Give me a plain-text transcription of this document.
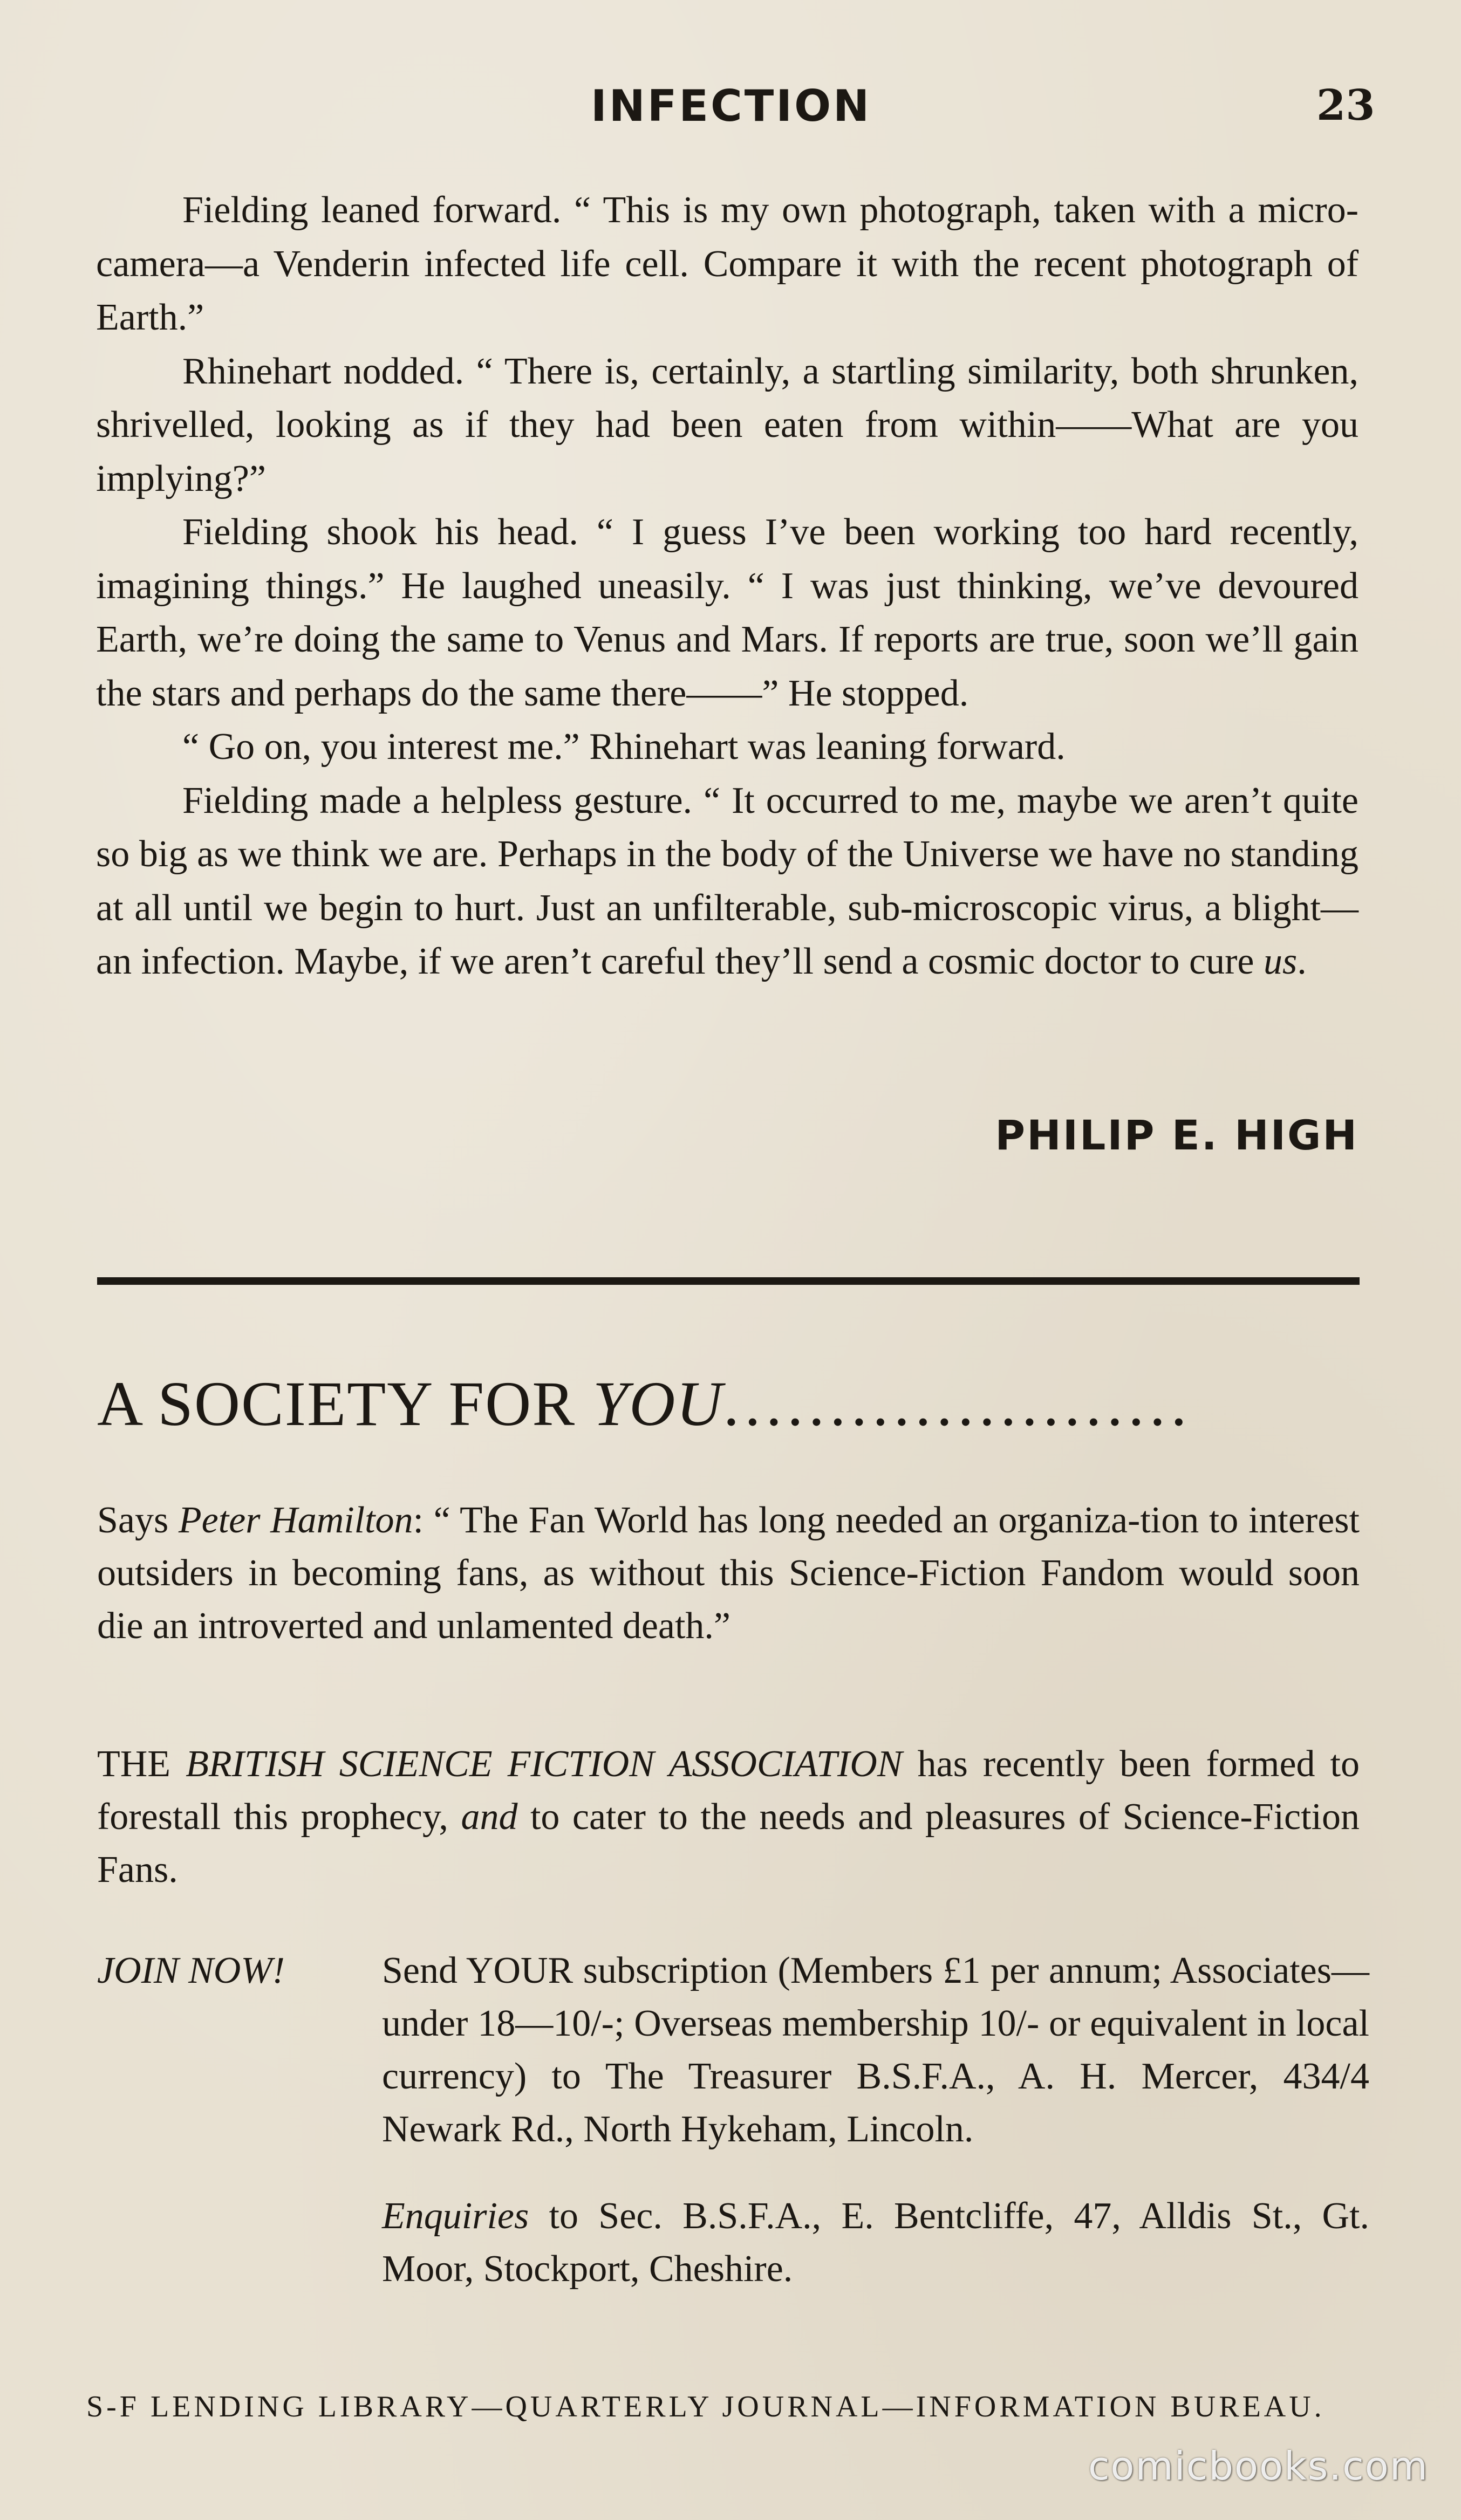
INFECTION	23

Fielding leaned forward. “ This is my own photograph, taken with a micro-camera—a Venderin infected life cell. Compare it with the recent photograph of Earth.”

Rhinehart nodded. “ There is, certainly, a startling similarity, both shrunken, shrivelled, looking as if they had been eaten from within——What are you implying?”

Fielding shook his head. “ I guess I’ve been working too hard recently, imagining things.” He laughed uneasily. “ I was just thinking, we’ve devoured Earth, we’re doing the same to Venus and Mars. If reports are true, soon we’ll gain the stars and perhaps do the same there——” He stopped.

“ Go on, you interest me.” Rhinehart was leaning forward.

Fielding made a helpless gesture. “ It occurred to me, maybe we aren’t quite so big as we think we are. Perhaps in the body of the Universe we have no standing at all until we begin to hurt. Just an unfilterable, sub-microscopic virus, a blight—an infection. Maybe, if we aren’t careful they’ll send a cosmic doctor to cure us.

PHILIP E. HIGH
A SOCIETY FOR YOU......................

Says Peter Hamilton: “ The Fan World has long needed an organiza-tion to interest outsiders in becoming fans, as without this Science-Fiction Fandom would soon die an introverted and unlamented death.”

THE BRITISH SCIENCE FICTION ASSOCIATION has recently been formed to forestall this prophecy, and to cater to the needs and pleasures of Science-Fiction Fans.

JOIN NOW!	Send YOUR subscription (Members £1 per annum; Associates—under 18—10/-; Overseas membership 10/- or equivalent in local currency) to The Treasurer B.S.F.A., A. H. Mercer, 434/4 Newark Rd., North Hykeham, Lincoln.

Enquiries to Sec. B.S.F.A., E. Bentcliffe, 47, Alldis St., Gt. Moor, Stockport, Cheshire.

S-F LENDING LIBRARY—QUARTERLY JOURNAL—INFORMATION BUREAU.
comicbooks.com
